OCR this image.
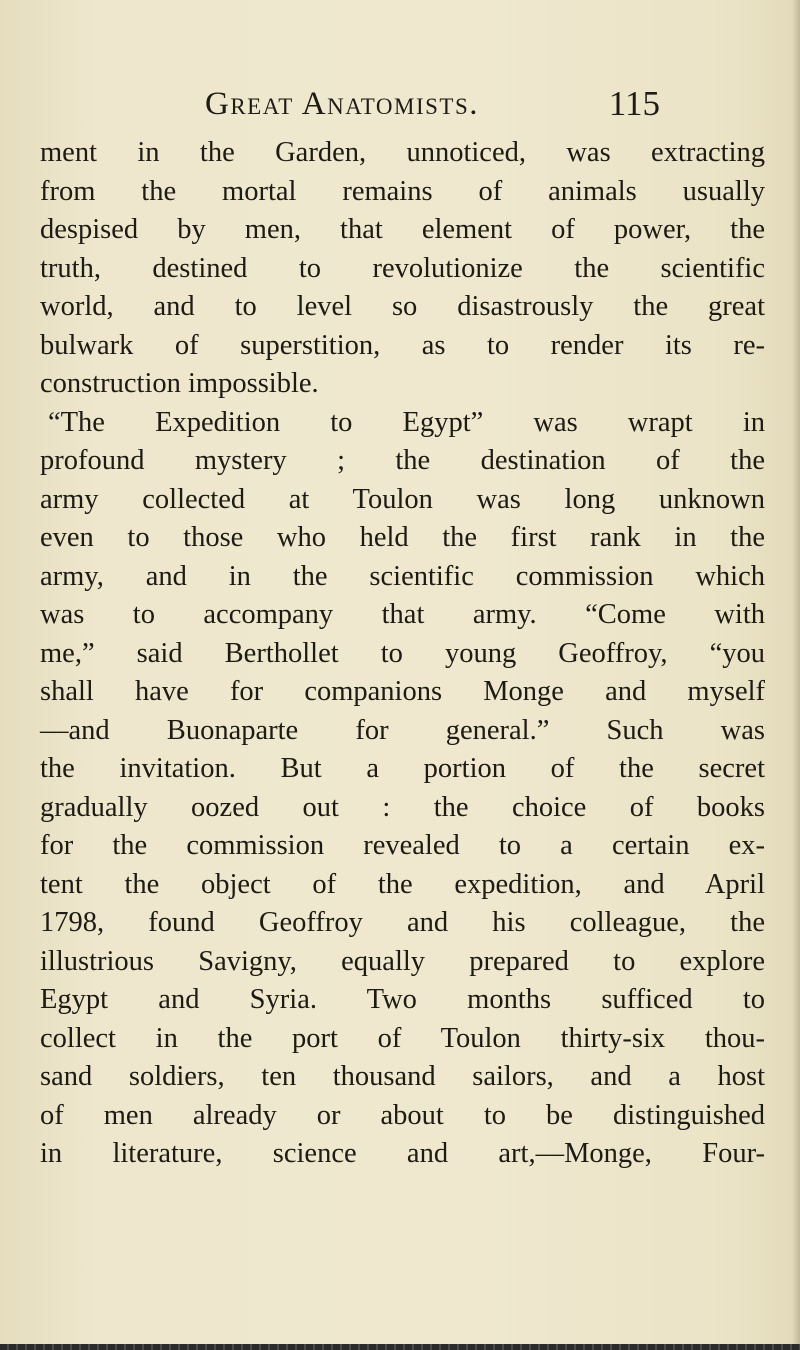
Great Anatomists.	115
ment in the Garden, unnoticed, was extracting
from the mortal remains of animals usually
despised by men, that element of power, the
truth, destined to revolutionize the scientific
world, and to level so disastrously the great
bulwark of superstition, as to render its re-
construction impossible.
“The Expedition to Egypt” was wrapt in
profound mystery ; the destination of the
army collected at Toulon was long unknown
even to those who held the first rank in the
army, and in the scientific commission which
was to accompany that army. “Come with
me,” said Berthollet to young Geoffroy, “you
shall have for companions Monge and myself
—and Buonaparte for general.” Such was
the invitation. But a portion of the secret
gradually oozed out : the choice of books
for the commission revealed to a certain ex-
tent the object of the expedition, and April
1798, found Geoffroy and his colleague, the
illustrious Savigny, equally prepared to explore
Egypt and Syria. Two months sufficed to
collect in the port of Toulon thirty-six thou-
sand soldiers, ten thousand sailors, and a host
of men already or about to be distinguished
in literature, science and art,—Monge, Four-
